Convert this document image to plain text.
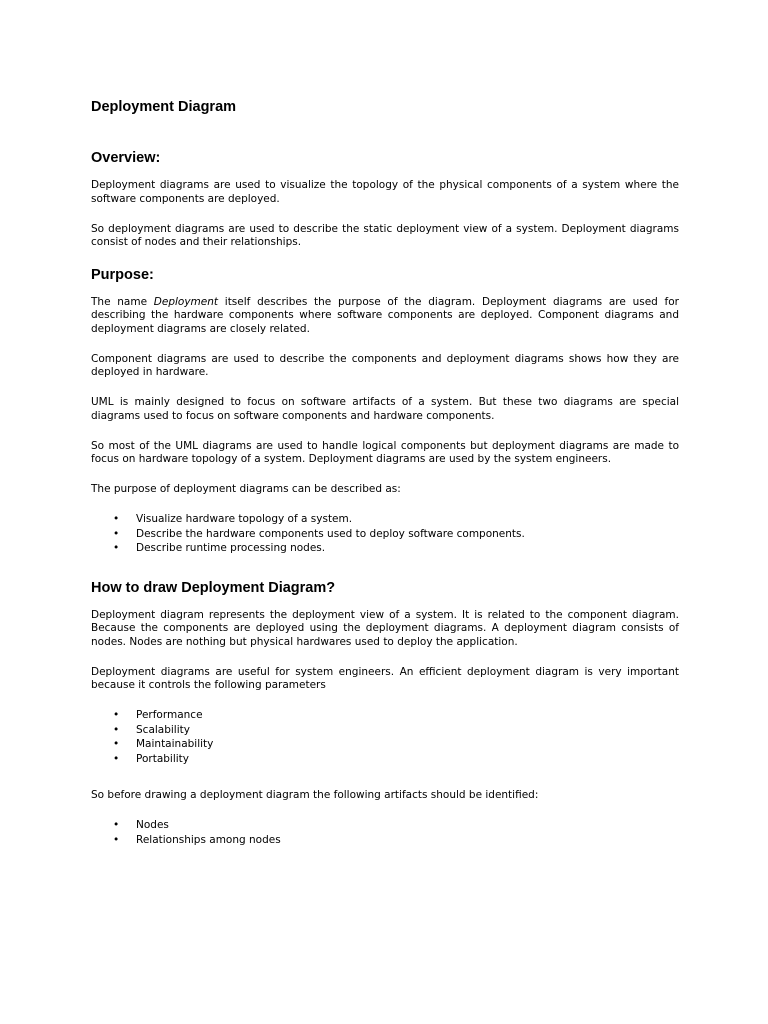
Deployment Diagram
Overview:

Deployment diagrams are used to visualize the topology of the physical components of a system where the software components are deployed.

So deployment diagrams are used to describe the static deployment view of a system. Deployment diagrams consist of nodes and their relationships.

Purpose:

The name Deployment itself describes the purpose of the diagram. Deployment diagrams are used for describing the hardware components where software components are deployed. Component diagrams and deployment diagrams are closely related.

Component diagrams are used to describe the components and deployment diagrams shows how they are deployed in hardware.

UML is mainly designed to focus on software artifacts of a system. But these two diagrams are special diagrams used to focus on software components and hardware components.

So most of the UML diagrams are used to handle logical components but deployment diagrams are made to focus on hardware topology of a system. Deployment diagrams are used by the system engineers.

The purpose of deployment diagrams can be described as:

• Visualize hardware topology of a system.
• Describe the hardware components used to deploy software components.
• Describe runtime processing nodes.
How to draw Deployment Diagram?

Deployment diagram represents the deployment view of a system. It is related to the component diagram. Because the components are deployed using the deployment diagrams. A deployment diagram consists of nodes. Nodes are nothing but physical hardwares used to deploy the application.

Deployment diagrams are useful for system engineers. An efficient deployment diagram is very important because it controls the following parameters

• Performance
• Scalability
• Maintainability
• Portability

So before drawing a deployment diagram the following artifacts should be identified:

• Nodes
• Relationships among nodes
